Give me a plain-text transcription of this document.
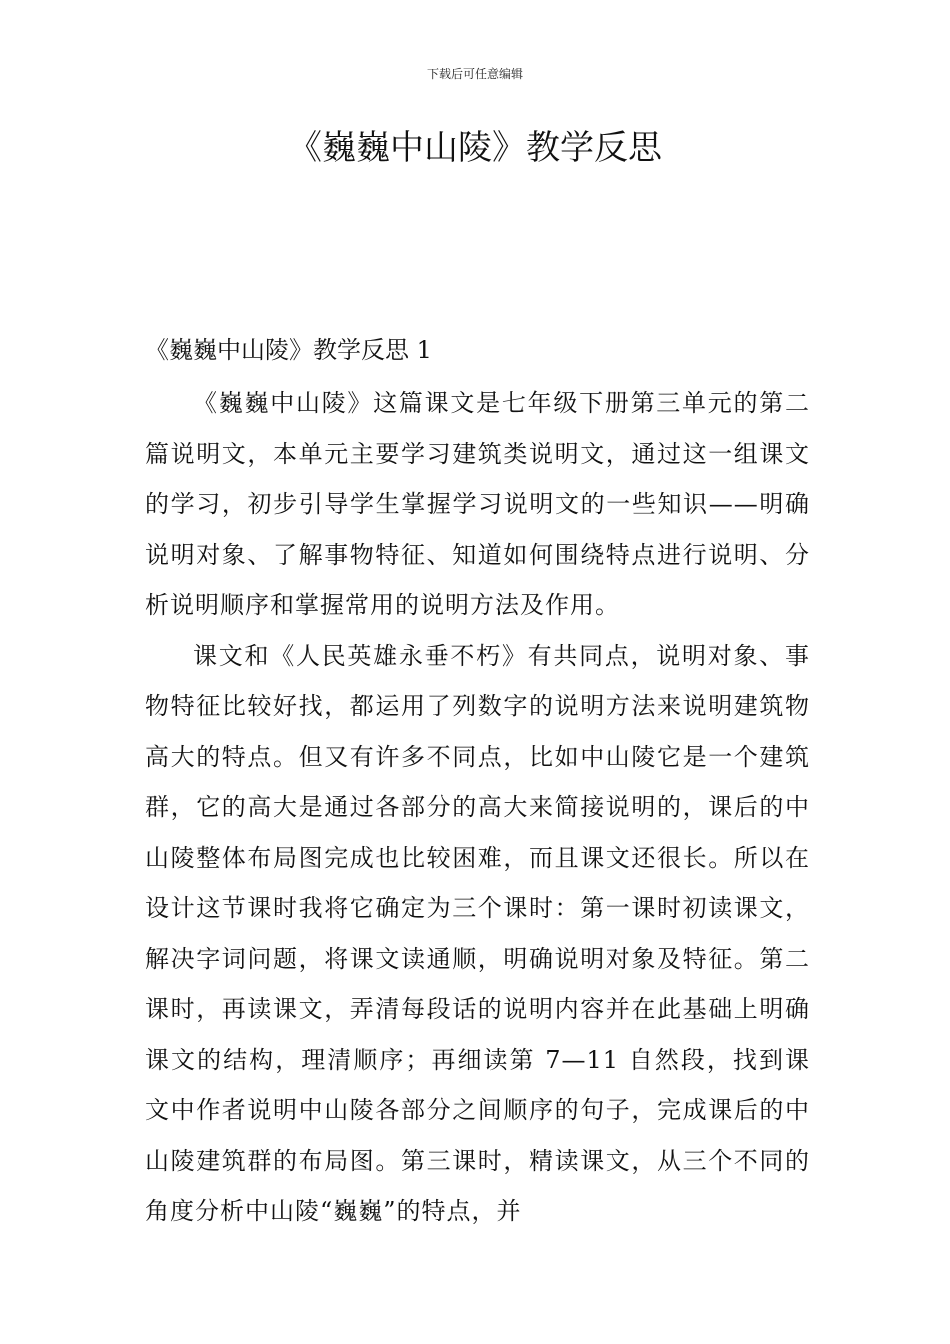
下载后可任意编辑
《巍巍中山陵》教学反思
《巍巍中山陵》教学反思 1

《巍巍中山陵》这篇课文是七年级下册第三单元的第二篇说明文，本单元主要学习建筑类说明文，通过这一组课文的学习，初步引导学生掌握学习说明文的一些知识——明确说明对象、了解事物特征、知道如何围绕特点进行说明、分析说明顺序和掌握常用的说明方法及作用。

课文和《人民英雄永垂不朽》有共同点，说明对象、事物特征比较好找，都运用了列数字的说明方法来说明建筑物高大的特点。但又有许多不同点，比如中山陵它是一个建筑群，它的高大是通过各部分的高大来简接说明的，课后的中山陵整体布局图完成也比较困难，而且课文还很长。所以在设计这节课时我将它确定为三个课时：第一课时初读课文，解决字词问题，将课文读通顺，明确说明对象及特征。第二课时，再读课文，弄清每段话的说明内容并在此基础上明确课文的结构，理清顺序；再细读第 7—11 自然段，找到课文中作者说明中山陵各部分之间顺序的句子，完成课后的中山陵建筑群的布局图。第三课时，精读课文，从三个不同的角度分析中山陵“巍巍”的特点，并
